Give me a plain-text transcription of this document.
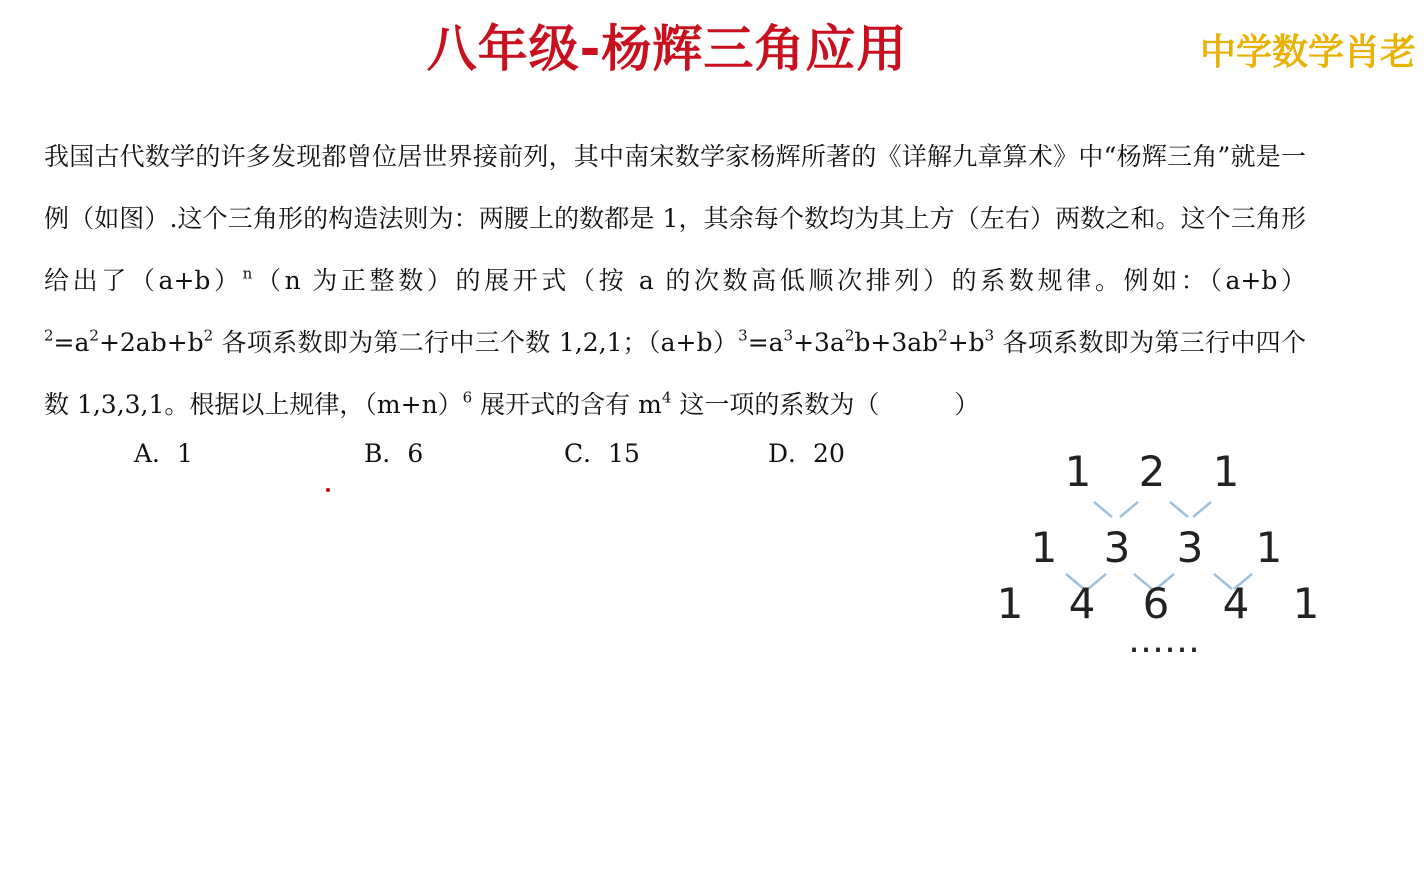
八年级-杨辉三角应用	中学数学肖老
我国古代数学的许多发现都曾位居世界接前列，其中南宋数学家杨辉所著的《详解九章算术》中“杨辉三角”就是一例（如图）.这个三角形的构造法则为：两腰上的数都是 1，其余每个数均为其上方（左右）两数之和。这个三角形给出了$(a+b)^n(n$ 为正整数）的展开式（按 a 的次数高低顺次排列）的系数规律。例如：$(a+b)^2=a^2+2ab+b^2$ 各项系数即为第二行中三个数 1,2,1；$(a+b)^3=a^3+3a^2b+3ab^2+b^3$ 各项系数即为第三行中四个数 1,3,3,1。根据以上规律，$(m+n)^6$ 展开式的含有 $m^4$ 这一项的系数为（　　　）
A．1	B．6	C．15	D．20	1 2 1
1 3 3 1
1 4 6 4 1
……
